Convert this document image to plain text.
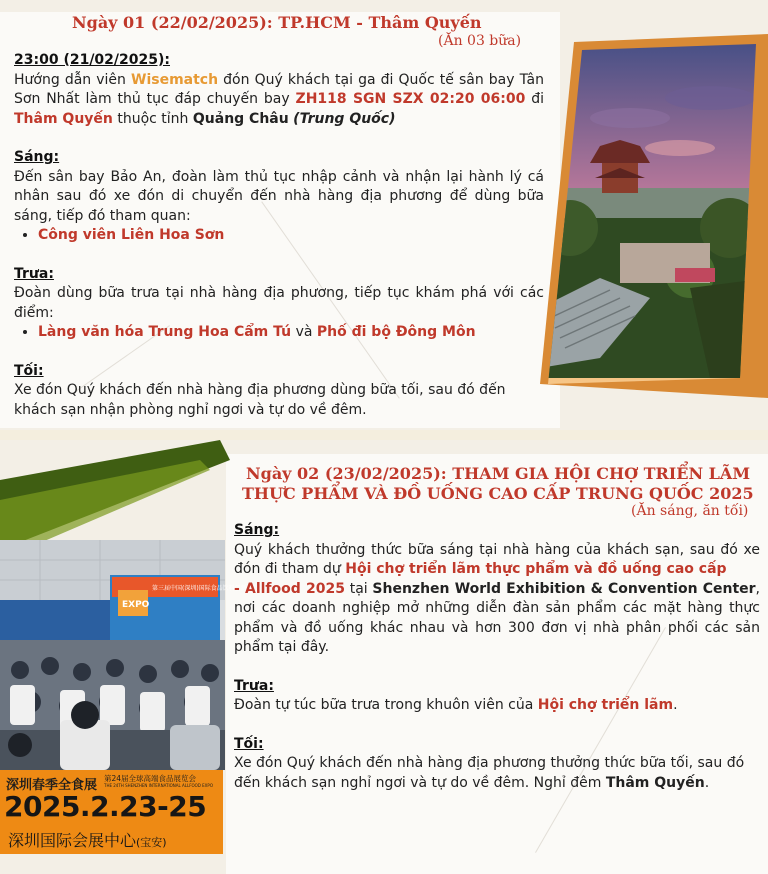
Ngày 01 (22/02/2025): TP.HCM - Thâm Quyến
(Ăn 03 bữa)
23:00 (21/02/2025):

Hướng dẫn viên Wisematch đón Quý khách tại ga đi Quốc tế sân bay Tân Sơn Nhất làm thủ tục đáp chuyến bay ZH118 SGN SZX 02:20 06:00 đi Thâm Quyến thuộc tỉnh Quảng Châu (Trung Quốc)

Sáng:

Đến sân bay Bảo An, đoàn làm thủ tục nhập cảnh và nhận lại hành lý cá nhân sau đó xe đón di chuyển đến nhà hàng địa phương để dùng bữa sáng, tiếp đó tham quan:

• Công viên Liên Hoa Sơn
Trưa:

Đoàn dùng bữa trưa tại nhà hàng địa phương, tiếp tục khám phá với các điểm:

• Làng văn hóa Trung Hoa Cẩm Tú và Phố đi bộ Đông Môn
Tối:

Xe đón Quý khách đến nhà hàng địa phương dùng bữa tối, sau đó đến khách sạn nhận phòng nghỉ ngơi và tự do về đêm.

EXPO
第三届中国(深圳)国际食品饮料创新大会
深圳春季全食展 第24届全球高端食品展览会
THE 24TH SHENZHEN INTERNATIONAL ALLFOOD EXPO
2025.2.23-25
深圳国际会展中心(宝安)
Ngày 02 (23/02/2025): THAM GIA HỘI CHỢ TRIỂN LÃM
THỰC PHẨM VÀ ĐỒ UỐNG CAO CẤP TRUNG QUỐC 2025
(Ăn sáng, ăn tối)
Sáng:

Quý khách thưởng thức bữa sáng tại nhà hàng của khách sạn, sau đó xe đón đi tham dự Hội chợ triển lãm thực phẩm và đồ uống cao cấp
- Allfood 2025 tại Shenzhen World Exhibition & Convention Center, nơi các doanh nghiệp mở những diễn đàn sản phẩm các mặt hàng thực phẩm và đồ uống khác nhau và hơn 300 đơn vị nhà phân phối các sản phẩm tại đây.

Trưa:

Đoàn tự túc bữa trưa trong khuôn viên của Hội chợ triển lãm.

Tối:

Xe đón Quý khách đến nhà hàng địa phương thưởng thức bữa tối, sau đó đến khách sạn nghỉ ngơi và tự do về đêm. Nghỉ đêm Thâm Quyến.
